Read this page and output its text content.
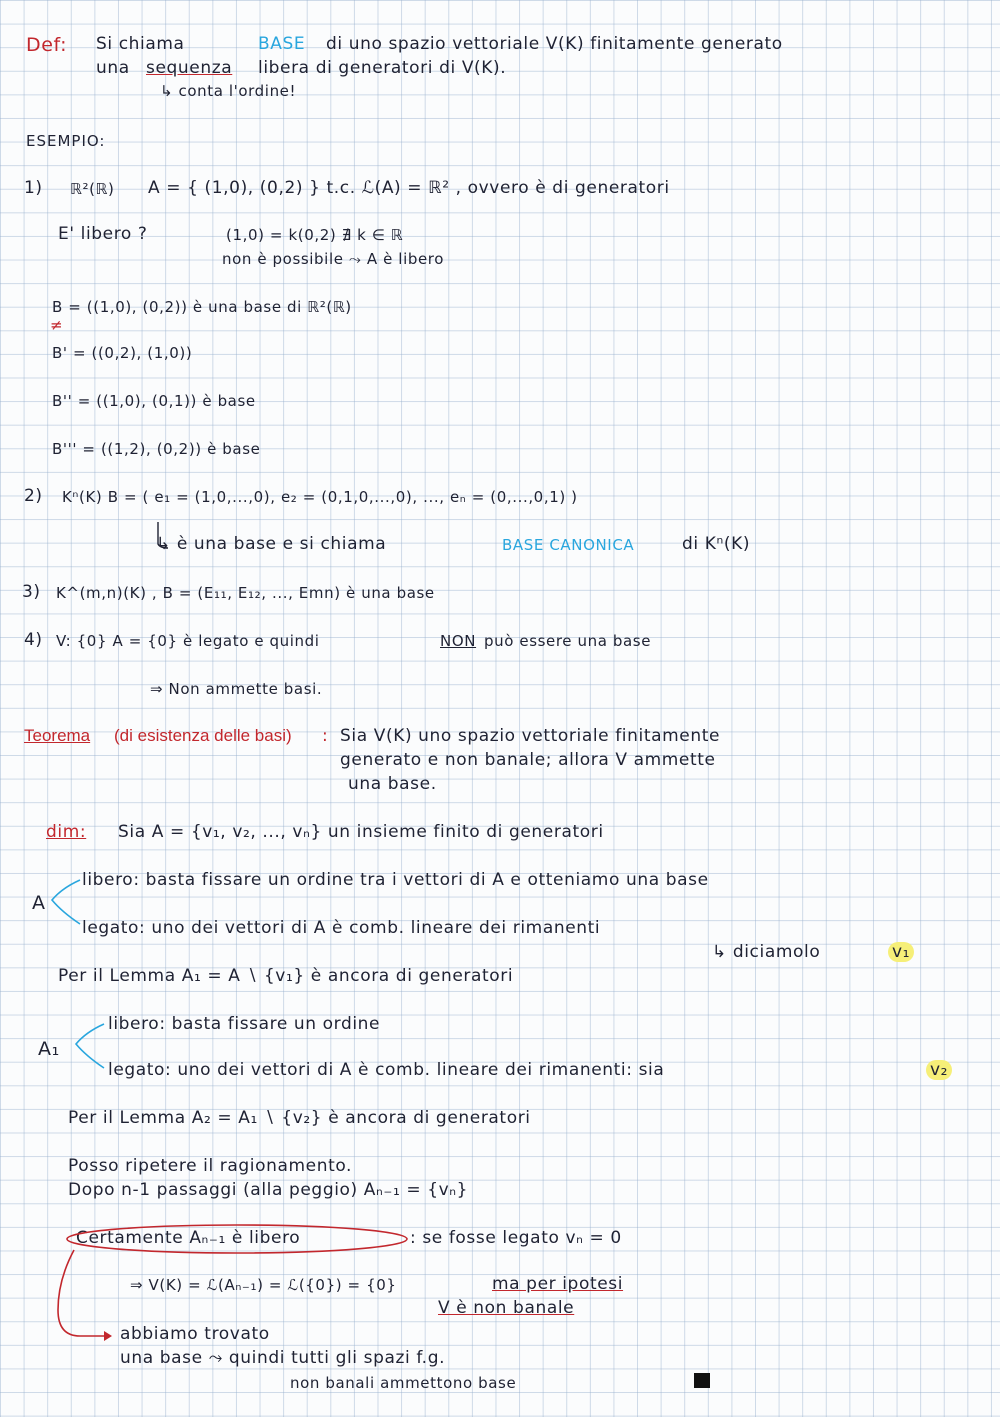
Def: Si chiama	BASE di uno spazio vettoriale V(K) finitamente generato
una sequenza libera di generatori di V(K).
↳ conta l'ordine!
ESEMPIO:
1) ℝ²(ℝ) A = { (1,0), (0,2) } t.c. ℒ(A) = ℝ² , ovvero è di generatori
E' libero ?	(1,0) = k(0,2) ∄ k ∈ ℝ
non è possibile ⤳ A è libero
B = ((1,0), (0,2)) è una base di ℝ²(ℝ)
≠
B' = ((0,2), (1,0))
B'' = ((1,0), (0,1)) è base
B''' = ((1,2), (0,2)) è base
2) Kⁿ(K) B = ( e₁ = (1,0,...,0), e₂ = (0,1,0,...,0), ..., eₙ = (0,...,0,1) )
↳ è una base e si chiama	BASE CANONICA	di Kⁿ(K)
3) K^(m,n)(K) , B = (E₁₁, E₁₂, ..., Emn) è una base
4) V: {0} A = {0} è legato e quindi	NON può essere una base
⇒ Non ammette basi.
Teorema (di esistenza delle basi) : Sia V(K) uno spazio vettoriale finitamente
generato e non banale; allora V ammette
una base.
dim: Sia A = {v₁, v₂, ..., vₙ} un insieme finito di generatori
A
libero: basta fissare un ordine tra i vettori di A e otteniamo una base
legato: uno dei vettori di A è comb. lineare dei rimanenti
↳ diciamolo	v₁
Per il Lemma A₁ = A ∖ {v₁} è ancora di generatori
A₁
libero: basta fissare un ordine
legato: uno dei vettori di A è comb. lineare dei rimanenti: sia	v₂
Per il Lemma A₂ = A₁ ∖ {v₂} è ancora di generatori
Posso ripetere il ragionamento.
Dopo n-1 passaggi (alla peggio) Aₙ₋₁ = {vₙ}
Certamente Aₙ₋₁ è libero	: se fosse legato vₙ = 0
⇒ V(K) = ℒ(Aₙ₋₁) = ℒ({0}) = {0}	ma per ipotesi
V è non banale
abbiamo trovato
una base ⤳ quindi tutti gli spazi f.g.
non banali ammettono base
